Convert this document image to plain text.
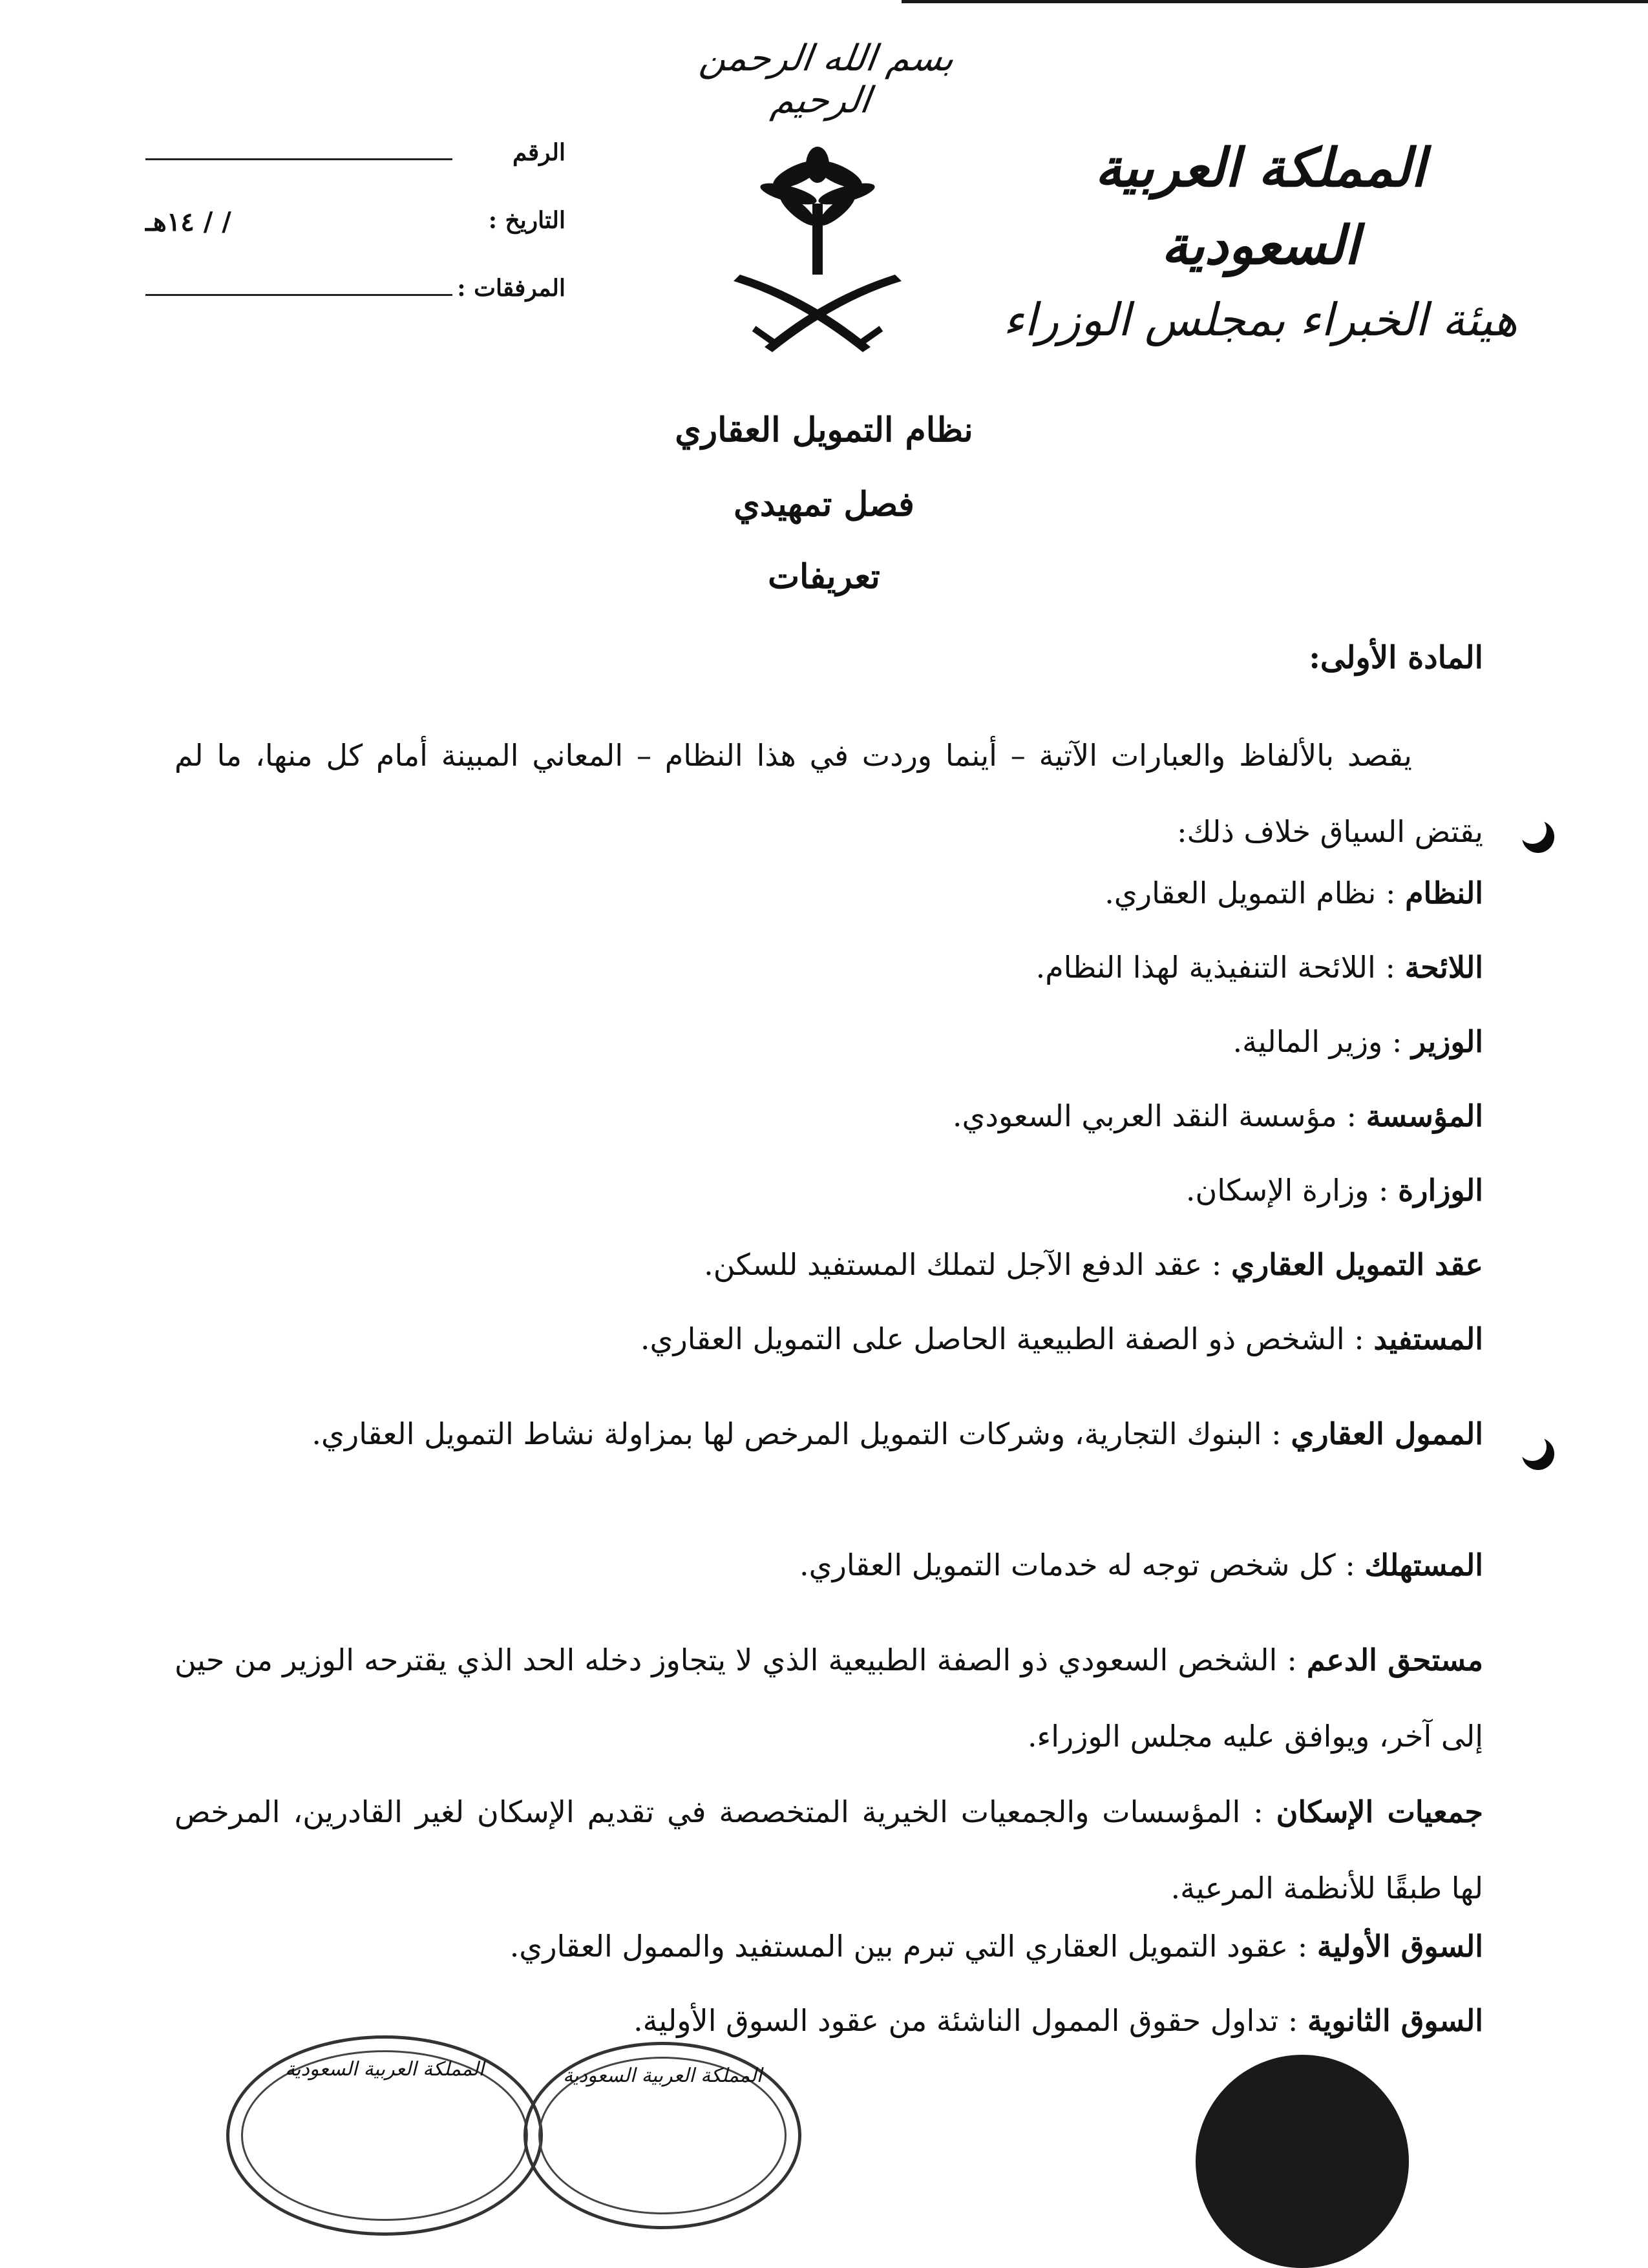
بسم الله الرحمن الرحيم
المملكة العربية السعودية
هيئة الخبراء بمجلس الوزراء
الرقم
التاريخ :
١٤هـ / /
المرفقات :
نظام التمويل العقاري
فصل تمهيدي
تعريفات
المادة الأولى:
يقصد بالألفاظ والعبارات الآتية – أينما وردت في هذا النظام – المعاني المبينة أمام كل منها، ما لم يقتض السياق خلاف ذلك:
النظام : نظام التمويل العقاري.
اللائحة : اللائحة التنفيذية لهذا النظام.
الوزير : وزير المالية.
المؤسسة : مؤسسة النقد العربي السعودي.
الوزارة : وزارة الإسكان.
عقد التمويل العقاري : عقد الدفع الآجل لتملك المستفيد للسكن.
المستفيد : الشخص ذو الصفة الطبيعية الحاصل على التمويل العقاري.
الممول العقاري : البنوك التجارية، وشركات التمويل المرخص لها بمزاولة نشاط التمويل العقاري.
المستهلك : كل شخص توجه له خدمات التمويل العقاري.
مستحق الدعم : الشخص السعودي ذو الصفة الطبيعية الذي لا يتجاوز دخله الحد الذي يقترحه الوزير من حين إلى آخر، ويوافق عليه مجلس الوزراء.
جمعيات الإسكان : المؤسسات والجمعيات الخيرية المتخصصة في تقديم الإسكان لغير القادرين، المرخص لها طبقًا للأنظمة المرعية.
السوق الأولية : عقود التمويل العقاري التي تبرم بين المستفيد والممول العقاري.
السوق الثانوية : تداول حقوق الممول الناشئة من عقود السوق الأولية.
المملكة العربية السعودية	المملكة العربية السعودية
